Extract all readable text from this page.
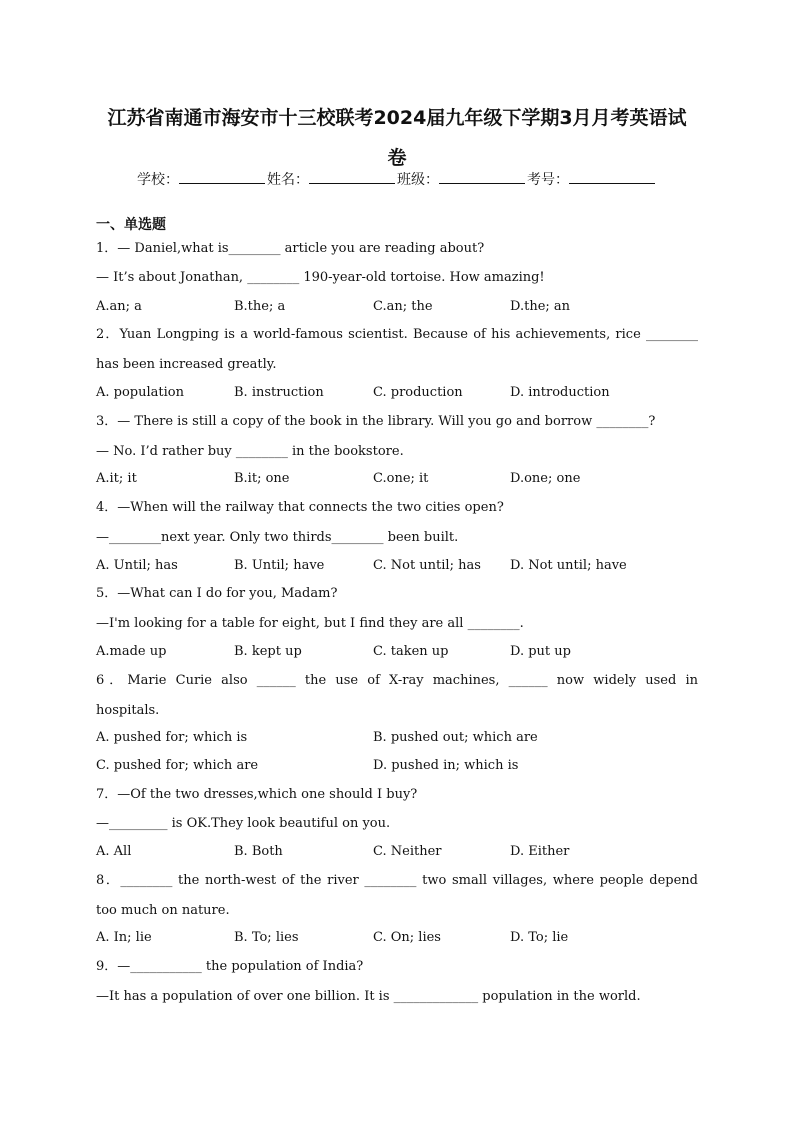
江苏省南通市海安市十三校联考2024届九年级下学期3月月考英语试
卷
学校：	姓名：	班级：	考号：
一、单选题
1．— Daniel,what is________ article you are reading about?
— It’s about Jonathan, ________ 190-year-old tortoise. How amazing!
A.an; a	B.the; a	C.an; the	D.the; an
2．Yuan Longping is a world-famous scientist. Because of his achievements, rice ________
has been increased greatly.
A. population	B. instruction	C. production	D. introduction
3．— There is still a copy of the book in the library. Will you go and borrow ________?
— No. I’d rather buy ________ in the bookstore.
A.it; it	B.it; one	C.one; it	D.one; one
4．—When will the railway that connects the two cities open?
—________next year. Only two thirds________ been built.
A. Until; has	B. Until; have	C. Not until; has D. Not until; have
5．—What can I do for you, Madam?
—I'm looking for a table for eight, but I find they are all ________.
A.made up	B. kept up	C. taken up	D. put up
6．Marie Curie also ______ the use of X-ray machines, ______ now widely used in
hospitals.
A. pushed for; which is	B. pushed out; which are
C. pushed for; which are	D. pushed in; which is
7．—Of the two dresses,which one should I buy?
—_________ is OK.They look beautiful on you.
A. All	B. Both	C. Neither	D. Either
8．________ the north-west of the river ________ two small villages, where people depend
too much on nature.
A. In; lie	B. To; lies	C. On; lies	D. To; lie
9．—___________ the population of India?
—It has a population of over one billion. It is _____________ population in the world.
